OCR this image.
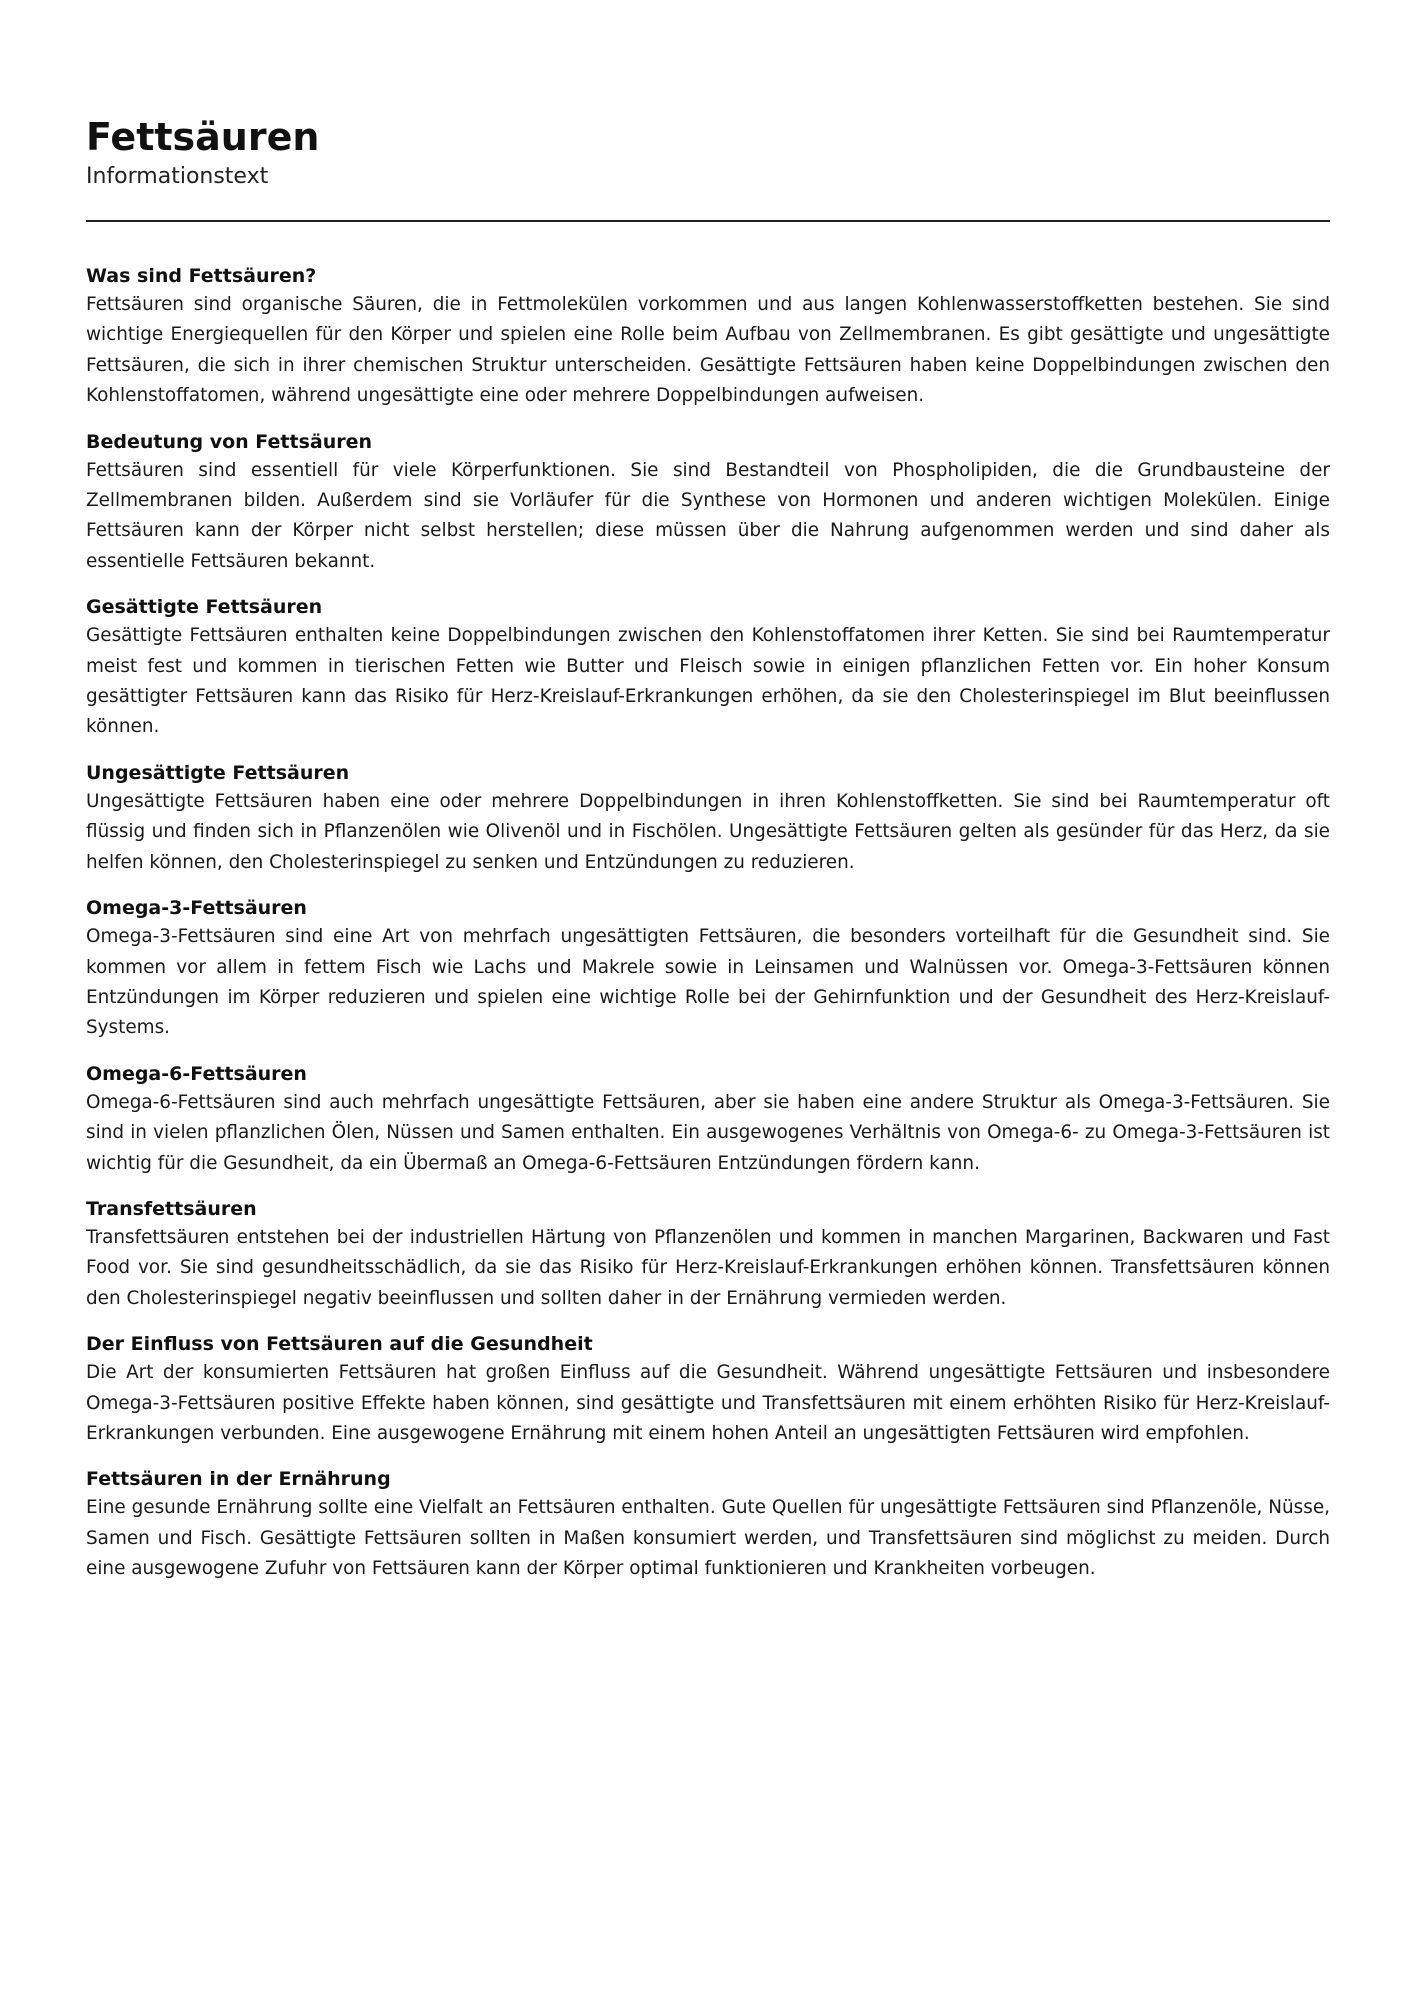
Fettsäuren
Informationstext
Was sind Fettsäuren?

Fettsäuren sind organische Säuren, die in Fettmolekülen vorkommen und aus langen Kohlenwasserstoffketten bestehen. Sie sind wichtige Energiequellen für den Körper und spielen eine Rolle beim Aufbau von Zellmembranen. Es gibt gesättigte und ungesättigte Fettsäuren, die sich in ihrer chemischen Struktur unterscheiden. Gesättigte Fettsäuren haben keine Doppelbindungen zwischen den Kohlenstoffatomen, während ungesättigte eine oder mehrere Doppelbindungen aufweisen.

Bedeutung von Fettsäuren

Fettsäuren sind essentiell für viele Körperfunktionen. Sie sind Bestandteil von Phospholipiden, die die Grundbausteine der Zellmembranen bilden. Außerdem sind sie Vorläufer für die Synthese von Hormonen und anderen wichtigen Molekülen. Einige Fettsäuren kann der Körper nicht selbst herstellen; diese müssen über die Nahrung aufgenommen werden und sind daher als essentielle Fettsäuren bekannt.

Gesättigte Fettsäuren

Gesättigte Fettsäuren enthalten keine Doppelbindungen zwischen den Kohlenstoffatomen ihrer Ketten. Sie sind bei Raumtemperatur meist fest und kommen in tierischen Fetten wie Butter und Fleisch sowie in einigen pflanzlichen Fetten vor. Ein hoher Konsum gesättigter Fettsäuren kann das Risiko für Herz-Kreislauf-Erkrankungen erhöhen, da sie den Cholesterinspiegel im Blut beeinflussen können.

Ungesättigte Fettsäuren

Ungesättigte Fettsäuren haben eine oder mehrere Doppelbindungen in ihren Kohlenstoffketten. Sie sind bei Raumtemperatur oft flüssig und finden sich in Pflanzenölen wie Olivenöl und in Fischölen. Ungesättigte Fettsäuren gelten als gesünder für das Herz, da sie helfen können, den Cholesterinspiegel zu senken und Entzündungen zu reduzieren.

Omega-3-Fettsäuren

Omega-3-Fettsäuren sind eine Art von mehrfach ungesättigten Fettsäuren, die besonders vorteilhaft für die Gesundheit sind. Sie kommen vor allem in fettem Fisch wie Lachs und Makrele sowie in Leinsamen und Walnüssen vor. Omega-3-Fettsäuren können Entzündungen im Körper reduzieren und spielen eine wichtige Rolle bei der Gehirnfunktion und der Gesundheit des Herz-Kreislauf-Systems.

Omega-6-Fettsäuren

Omega-6-Fettsäuren sind auch mehrfach ungesättigte Fettsäuren, aber sie haben eine andere Struktur als Omega-3-Fettsäuren. Sie sind in vielen pflanzlichen Ölen, Nüssen und Samen enthalten. Ein ausgewogenes Verhältnis von Omega-6- zu Omega-3-Fettsäuren ist wichtig für die Gesundheit, da ein Übermaß an Omega-6-Fettsäuren Entzündungen fördern kann.

Transfettsäuren

Transfettsäuren entstehen bei der industriellen Härtung von Pflanzenölen und kommen in manchen Margarinen, Backwaren und Fast Food vor. Sie sind gesundheitsschädlich, da sie das Risiko für Herz-Kreislauf-Erkrankungen erhöhen können. Transfettsäuren können den Cholesterinspiegel negativ beeinflussen und sollten daher in der Ernährung vermieden werden.

Der Einfluss von Fettsäuren auf die Gesundheit

Die Art der konsumierten Fettsäuren hat großen Einfluss auf die Gesundheit. Während ungesättigte Fettsäuren und insbesondere Omega-3-Fettsäuren positive Effekte haben können, sind gesättigte und Transfettsäuren mit einem erhöhten Risiko für Herz-Kreislauf-Erkrankungen verbunden. Eine ausgewogene Ernährung mit einem hohen Anteil an ungesättigten Fettsäuren wird empfohlen.

Fettsäuren in der Ernährung

Eine gesunde Ernährung sollte eine Vielfalt an Fettsäuren enthalten. Gute Quellen für ungesättigte Fettsäuren sind Pflanzenöle, Nüsse, Samen und Fisch. Gesättigte Fettsäuren sollten in Maßen konsumiert werden, und Transfettsäuren sind möglichst zu meiden. Durch eine ausgewogene Zufuhr von Fettsäuren kann der Körper optimal funktionieren und Krankheiten vorbeugen.
